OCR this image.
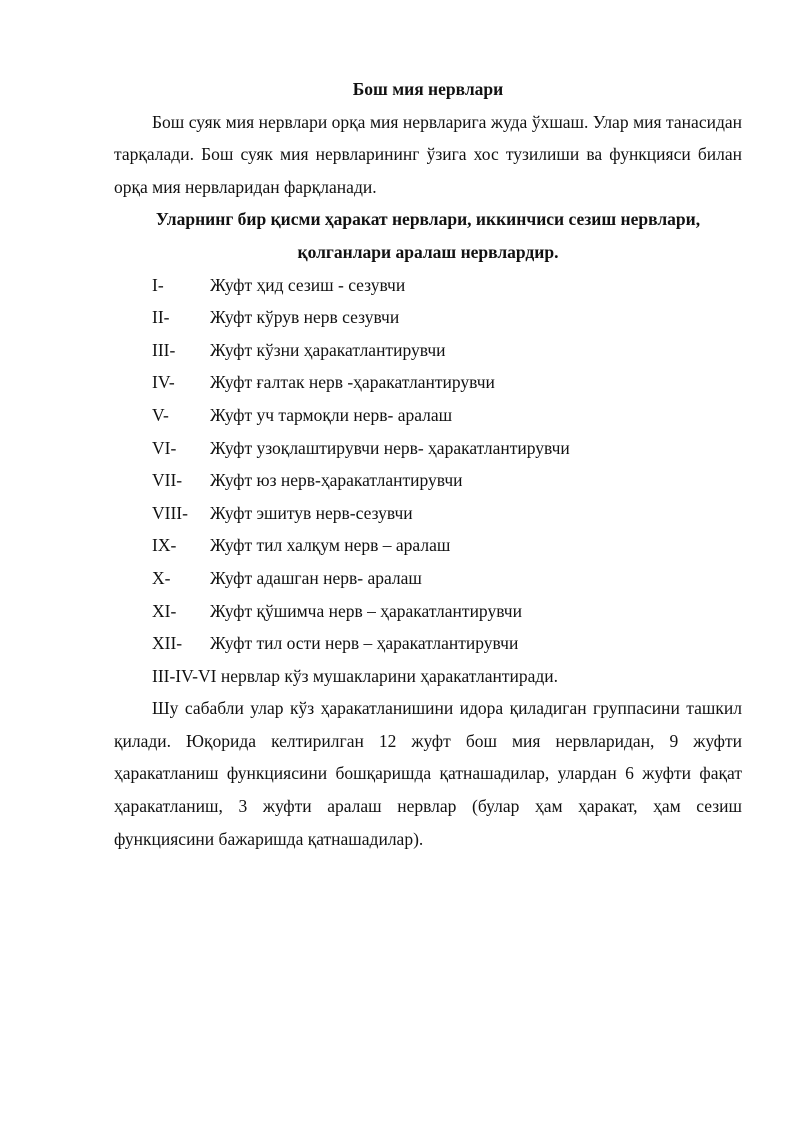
Бош мия нервлари

Бош суяк мия нервлари орқа мия нервларига жуда ўхшаш. Улар мия танасидан тарқалади. Бош суяк мия нервларининг ўзига хос тузилиши ва функцияси билан орқа мия нервларидан фарқланади.

Уларнинг бир қисми ҳаракат нервлари, иккинчиси сезиш нервлари,

қолганлари аралаш нервлардир.

I-	Жуфт ҳид сезиш - сезувчи
II-	Жуфт кўрув нерв сезувчи
III-	Жуфт кўзни ҳаракатлантирувчи
IV-	Жуфт ғалтак нерв -ҳаракатлантирувчи
V-	Жуфт уч тармоқли нерв- аралаш
VI-	Жуфт узоқлаштирувчи нерв- ҳаракатлантирувчи
VII-	Жуфт юз нерв-ҳаракатлантирувчи
VIII-	Жуфт эшитув нерв-сезувчи
IX-	Жуфт тил халқум нерв – аралаш
X-	Жуфт адашган нерв- аралаш
XI-	Жуфт қўшимча нерв – ҳаракатлантирувчи
XII-	Жуфт тил ости нерв – ҳаракатлантирувчи

III-IV-VI нервлар кўз мушакларини ҳаракатлантиради.

Шу сабабли улар кўз ҳаракатланишини идора қиладиган группасини ташкил қилади. Юқорида келтирилган 12 жуфт бош мия нервларидан, 9 жуфти ҳаракатланиш функциясини бошқаришда қатнашадилар, улардан 6 жуфти фақат ҳаракатланиш, 3 жуфти аралаш нервлар (булар ҳам ҳаракат, ҳам сезиш функциясини бажаришда қатнашадилар).
